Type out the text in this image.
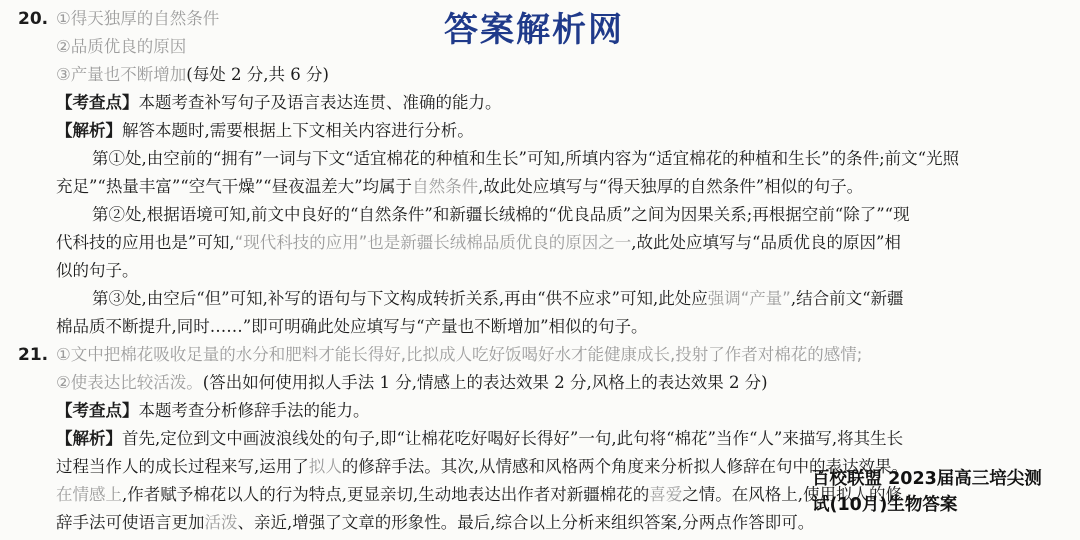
答案解析网
20. ①得天独厚的自然条件
②品质优良的原因
③产量也不断增加(每处 2 分,共 6 分)
【考查点】本题考查补写句子及语言表达连贯、准确的能力。
【解析】解答本题时,需要根据上下文相关内容进行分析。
第①处,由空前的“拥有”一词与下文“适宜棉花的种植和生长”可知,所填内容为“适宜棉花的种植和生长”的条件;前文“光照
充足”“热量丰富”“空气干燥”“昼夜温差大”均属于自然条件,故此处应填写与“得天独厚的自然条件”相似的句子。
第②处,根据语境可知,前文中良好的“自然条件”和新疆长绒棉的“优良品质”之间为因果关系;再根据空前“除了”“现
代科技的应用也是”可知,“现代科技的应用”也是新疆长绒棉品质优良的原因之一,故此处应填写与“品质优良的原因”相
似的句子。
第③处,由空后“但”可知,补写的语句与下文构成转折关系,再由“供不应求”可知,此处应强调“产量”,结合前文“新疆
棉品质不断提升,同时……”即可明确此处应填写与“产量也不断增加”相似的句子。
21. ①文中把棉花吸收足量的水分和肥料才能长得好,比拟成人吃好饭喝好水才能健康成长,投射了作者对棉花的感情;
②使表达比较活泼。(答出如何使用拟人手法 1 分,情感上的表达效果 2 分,风格上的表达效果 2 分)
【考查点】本题考查分析修辞手法的能力。
【解析】首先,定位到文中画波浪线处的句子,即“让棉花吃好喝好长得好”一句,此句将“棉花”当作“人”来描写,将其生长
过程当作人的成长过程来写,运用了拟人的修辞手法。其次,从情感和风格两个角度来分析拟人修辞在句中的表达效果。
在情感上,作者赋予棉花以人的行为特点,更显亲切,生动地表达出作者对新疆棉花的喜爱之情。在风格上,使用拟人的修
辞手法可使语言更加活泼、亲近,增强了文章的形象性。最后,综合以上分析来组织答案,分两点作答即可。
百校联盟 2023届高三培尖测
试(10月)生物答案
